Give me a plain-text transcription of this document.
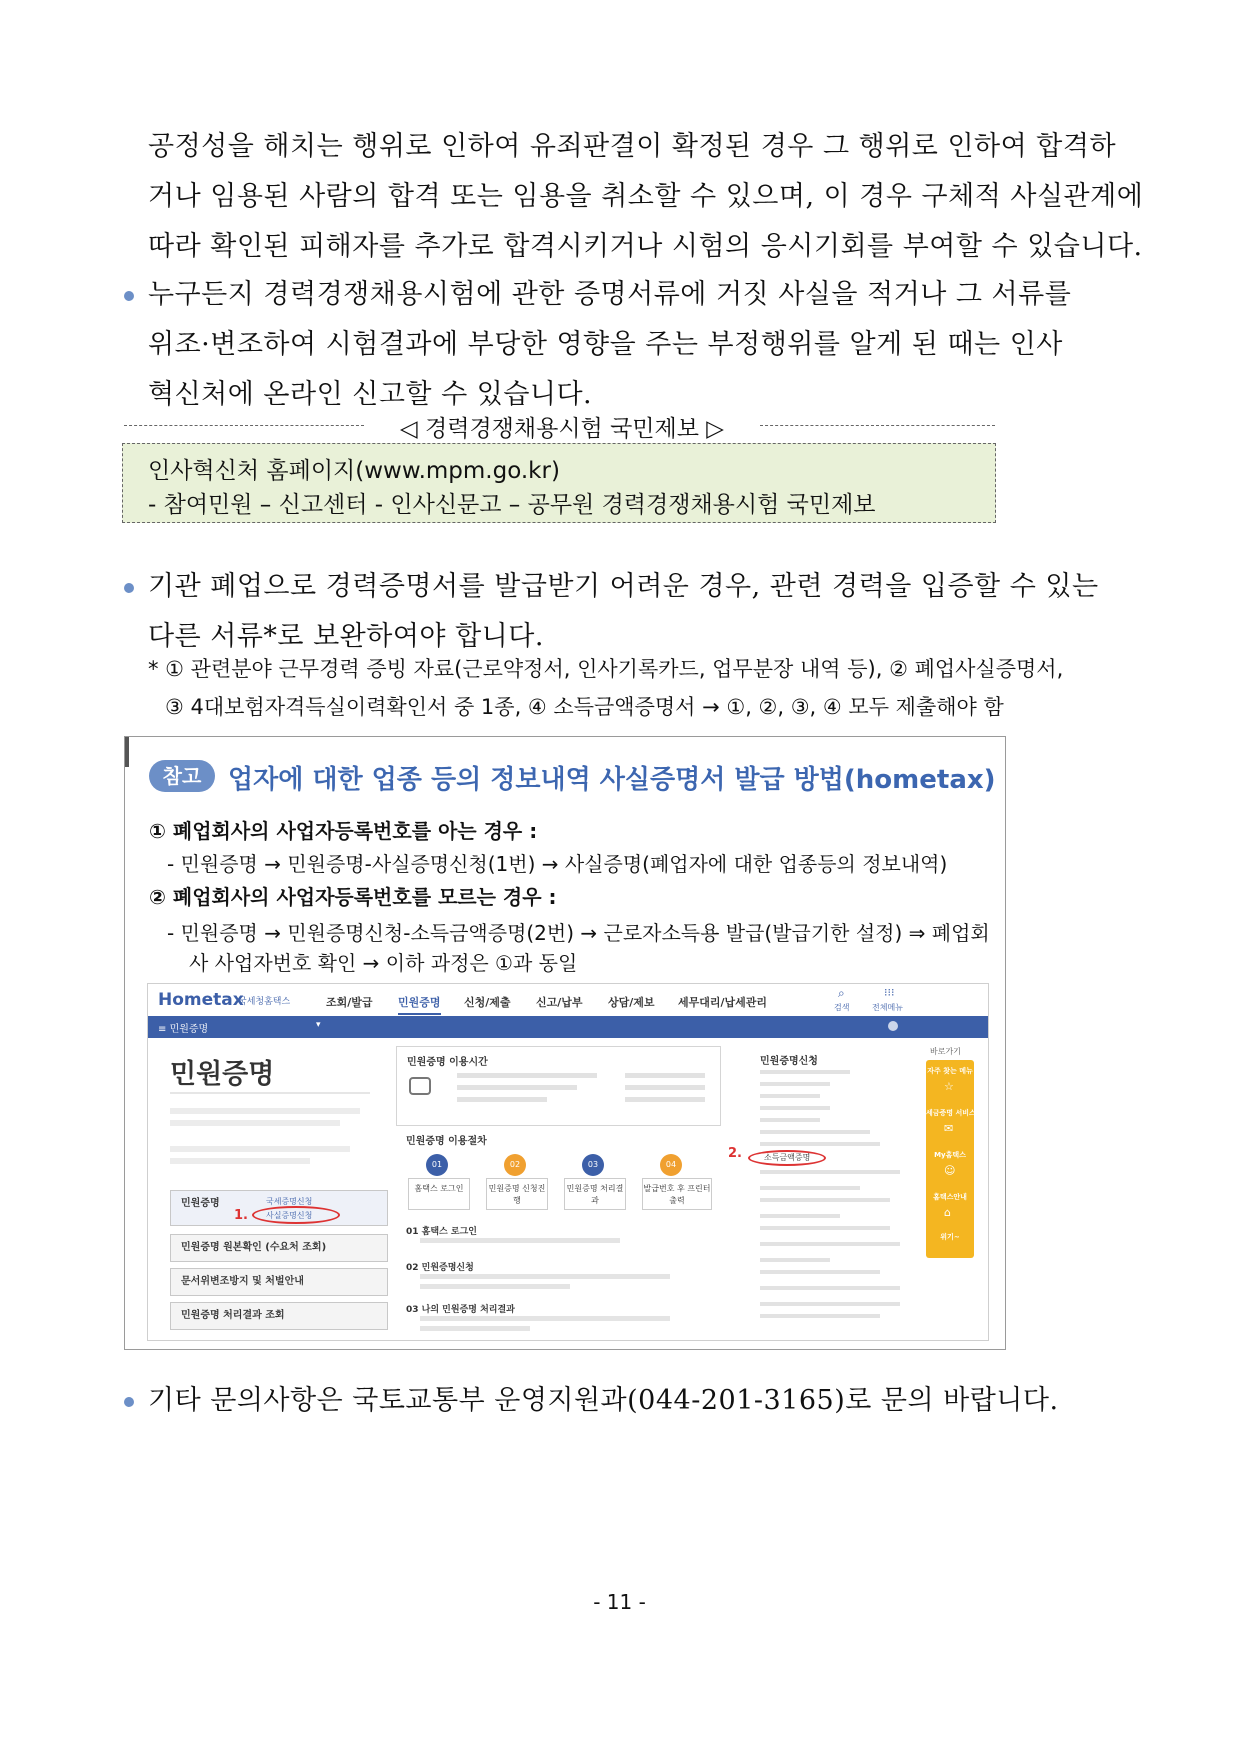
공정성을 해치는 행위로 인하여 유죄판결이 확정된 경우 그 행위로 인하여 합격하
거나 임용된 사람의 합격 또는 임용을 취소할 수 있으며, 이 경우 구체적 사실관계에
따라 확인된 피해자를 추가로 합격시키거나 시험의 응시기회를 부여할 수 있습니다.
누구든지 경력경쟁채용시험에 관한 증명서류에 거짓 사실을 적거나 그 서류를
위조·변조하여 시험결과에 부당한 영향을 주는 부정행위를 알게 된 때는 인사
혁신처에 온라인 신고할 수 있습니다.
◁ 경력경쟁채용시험 국민제보 ▷
인사혁신처 홈페이지(www.mpm.go.kr)
- 참여민원 – 신고센터 - 인사신문고 – 공무원 경력경쟁채용시험 국민제보
기관 폐업으로 경력증명서를 발급받기 어려운 경우, 관련 경력을 입증할 수 있는
다른 서류*로 보완하여야 합니다.
* ① 관련분야 근무경력 증빙 자료(근로약정서, 인사기록카드, 업무분장 내역 등), ② 폐업사실증명서,
③ 4대보험자격득실이력확인서 중 1종, ④ 소득금액증명서 → ①, ②, ③, ④ 모두 제출해야 함
참고	업자에 대한 업종 등의 정보내역 사실증명서 발급 방법(hometax)
① 폐업회사의 사업자등록번호를 아는 경우 :
- 민원증명 → 민원증명-사실증명신청(1번) → 사실증명(폐업자에 대한 업종등의 정보내역)
② 폐업회사의 사업자등록번호를 모르는 경우 :
- 민원증명 → 민원증명신청-소득금액증명(2번) → 근로자소득용 발급(발급기한 설정) ⇒ 폐업회
사 사업자번호 확인 → 이하 과정은 ①과 동일
Hometax
국세청홈택스	조회/발급 민원증명 신청/제출 신고/납부 상담/제보 세무대리/납세관리
⌕
검색
⁝⁝⁝
전체메뉴
≡ 민원증명	▾
민원증명
민원증명	국세증명신청
사실증명신청
1.
민원증명 원본확인 (수요처 조회)
문서위변조방지 및 처벌안내
민원증명 처리결과 조회
민원증명 이용시간
민원증명 이용절차
01	02	03	04
홈택스 로그인	민원증명 신청진행
민원증명 처리결과
발급번호 후 프린터 출력
01 홈택스 로그인
02 민원증명신청
03 나의 민원증명 처리결과
민원증명신청
2.	소득금액증명
바로가기
자주 찾는 메뉴
☆
세금증명 서비스
✉
My홈택스
☺
홈택스안내
⌂
위기~
기타 문의사항은 국토교통부 운영지원과(044-201-3165)로 문의 바랍니다.
- 11 -
